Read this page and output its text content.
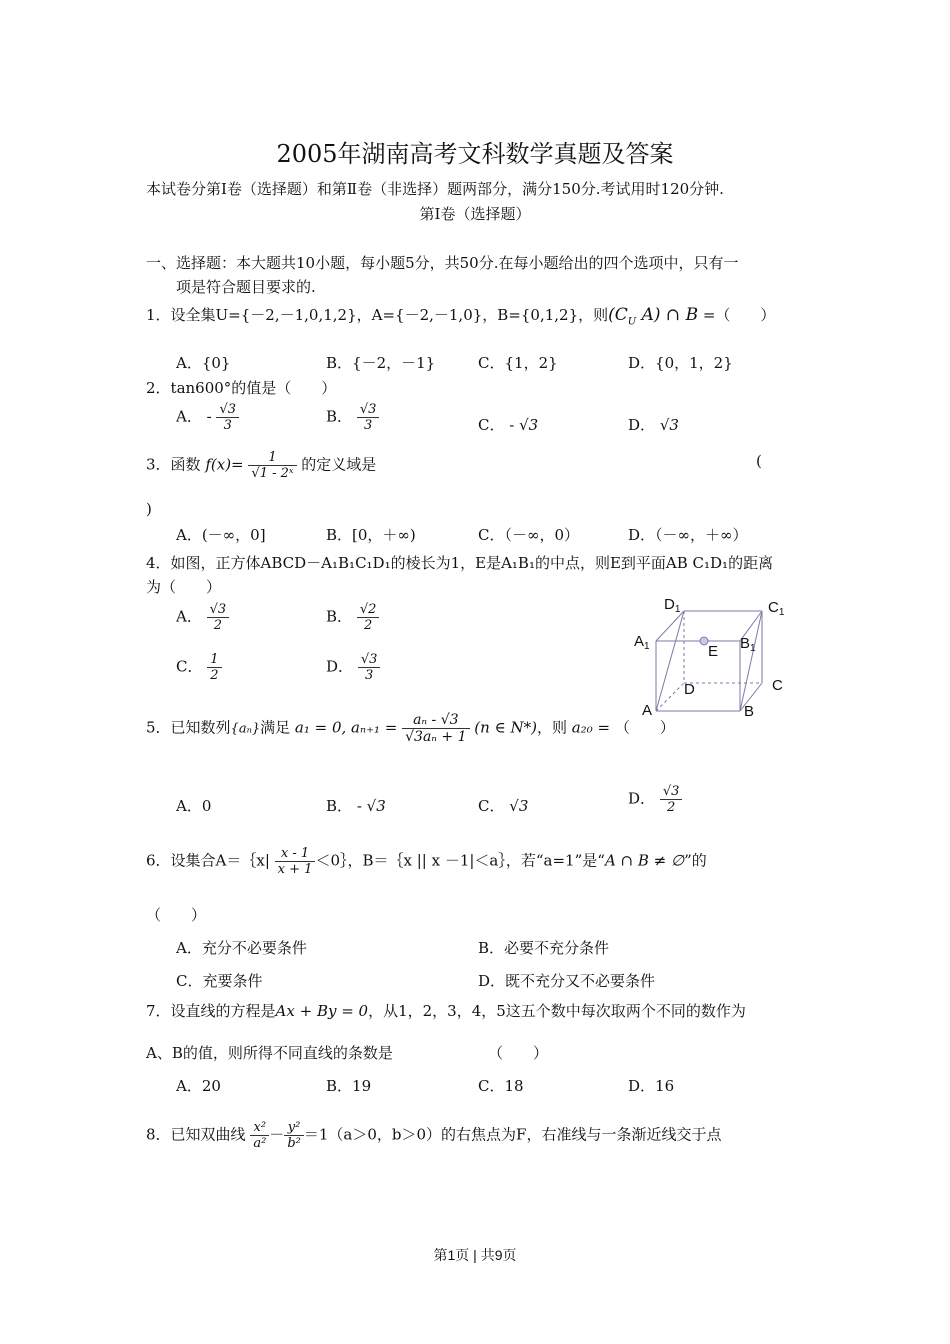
2005年湖南高考文科数学真题及答案
本试卷分第Ⅰ卷（选择题）和第Ⅱ卷（非选择）题两部分，满分150分.考试用时120分钟.
第Ⅰ卷（选择题）
一、选择题：本大题共10小题，每小题5分，共50分.在每小题给出的四个选项中，只有一
项是符合题目要求的.
1．设全集U={－2,－1,0,1,2}，A={－2,－1,0}，B={0,1,2}，则($C_U$ A) ∩ B =（　　）
A．{0}	B．{－2，－1}	C．{1，2}	D．{0，1，2}
2．tan600°的值是（　　）
A． - $\frac{√3}{3}$	B． $\frac{√3}{3}$	C． - √3	D． √3
3．函数 $f(x)= \frac{1}{\text{√1 - 2ˣ}}$ 的定义域是	(
)
A．(－∞，0]	B．[0，＋∞)	C．（－∞，0）	D．（－∞，＋∞）
4．如图，正方体ABCD－A₁B₁C₁D₁的棱长为1，E是A₁B₁的中点，则E到平面AB C₁D₁的距离
为（　　）
A． $\frac{√3}{2}$	B． $\frac{√2}{2}$
C． $\frac{1}{2}$	D． $\frac{√3}{3}$
$D_1$	$C_1$
$A_1$	$B_1$
E
D	C
A	B
5．已知数列{aₙ}满足 a₁ = 0, $a_{n+1} = \frac{\text{aₙ - √3}}{\text{√3aₙ + 1}} (n$ ∈ N*)，则 a₂₀ = （　　）
A．0	B． - √3	C． √3	D． $\frac{√3}{2}$
6．设集合A＝｛x| $\frac{x - 1}{x + 1}$ ＜0｝，B＝｛x || x －1|＜a｝，若“a=1”是“A ∩ B ≠ ∅”的
（　　）
A．充分不必要条件	B．必要不充分条件
C．充要条件	D．既不充分又不必要条件
7．设直线的方程是Ax + By = 0，从1，2，3，4，5这五个数中每次取两个不同的数作为
A、B的值，则所得不同直线的条数是	（　　）
A．20	B．19	C．18	D．16
8．已知双曲线 $\frac{\text{x²}}{\text{a²}} - \frac{\text{y²}}{\text{b²}} =1(a>0$，b＞0）的右焦点为F，右准线与一条渐近线交于点
第1页 | 共9页
